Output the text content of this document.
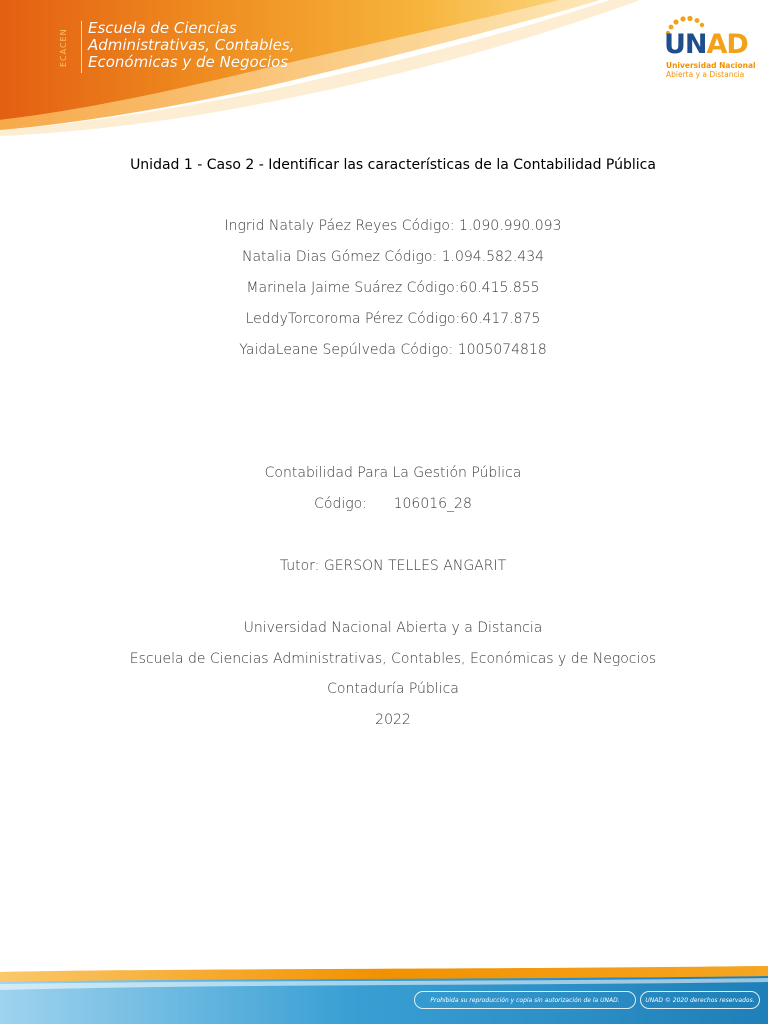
ECACEN
Escuela de Ciencias
Administrativas, Contables,
Económicas y de Negocios
UNAD
Universidad Nacional
Abierta y a Distancia
Unidad 1 - Caso 2 - Identificar las características de la Contabilidad Pública
Ingrid Nataly Páez Reyes Código: 1.090.990.093
Natalia Dias Gómez Código: 1.094.582.434
Marinela Jaime Suárez Código:60.415.855
LeddyTorcoroma Pérez Código:60.417.875
YaidaLeane Sepúlveda Código: 1005074818
Contabilidad Para La Gestión Pública
Código:      106016_28
Tutor: GERSON TELLES ANGARIT
Universidad Nacional Abierta y a Distancia
Escuela de Ciencias Administrativas, Contables, Económicas y de Negocios
Contaduría Pública
2022
Prohibida su reproducción y copia sin autorización de la UNAD.	UNAD © 2020 derechos reservados.
